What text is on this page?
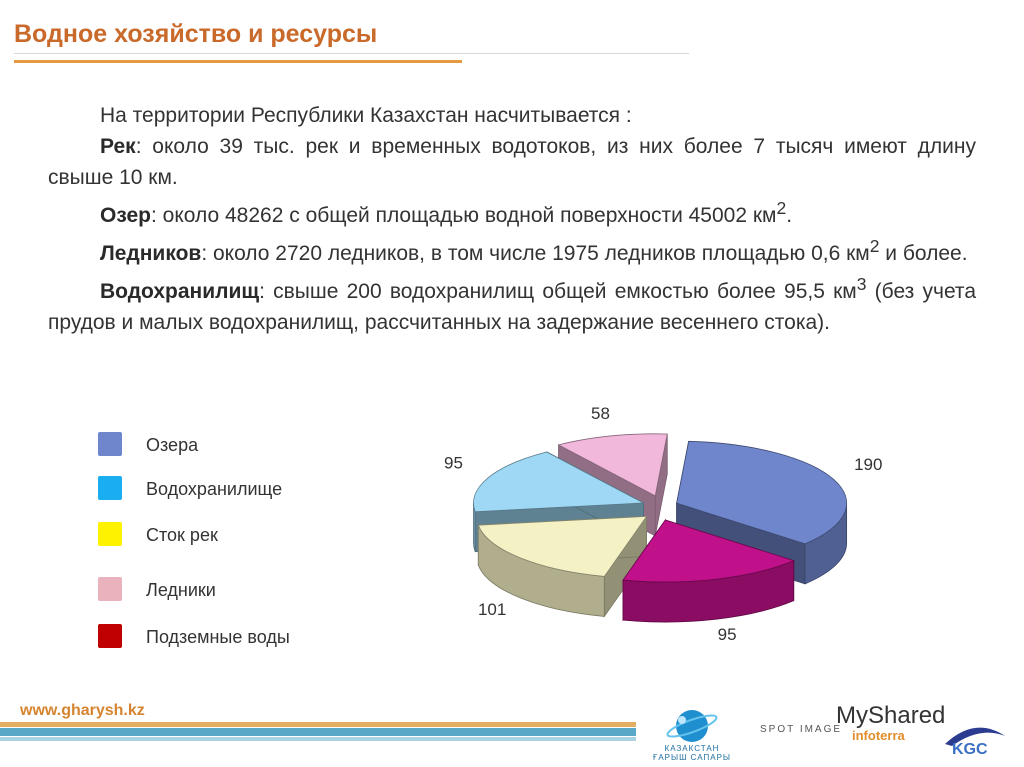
Водное хозяйство и ресурсы

На территории Республики Казахстан насчитывается :

Рек: около 39 тыс. рек и временных водотоков, из них более 7 тысяч имеют длину свыше 10 км.

Озер: около 48262 с общей площадью водной поверхности 45002 $км^2$.

Ледников: около 2720 ледников, в том числе 1975 ледников площадью 0,6 $км^2$ и более.

Водохранилищ: свыше 200 водохранилищ общей емкостью более 95,5 $км^3$ (без учета прудов и малых водохранилищ, рассчитанных на задержание весеннего стока).

Озера
Водохранилище
Сток рек
Ледники
Подземные воды
190
95
101
95
58
www.gharysh.kz
КАЗАКСТАН ҒАРЫШ САПАРЫ
SPOT IMAGE
MyShared
infoterra
KGC
